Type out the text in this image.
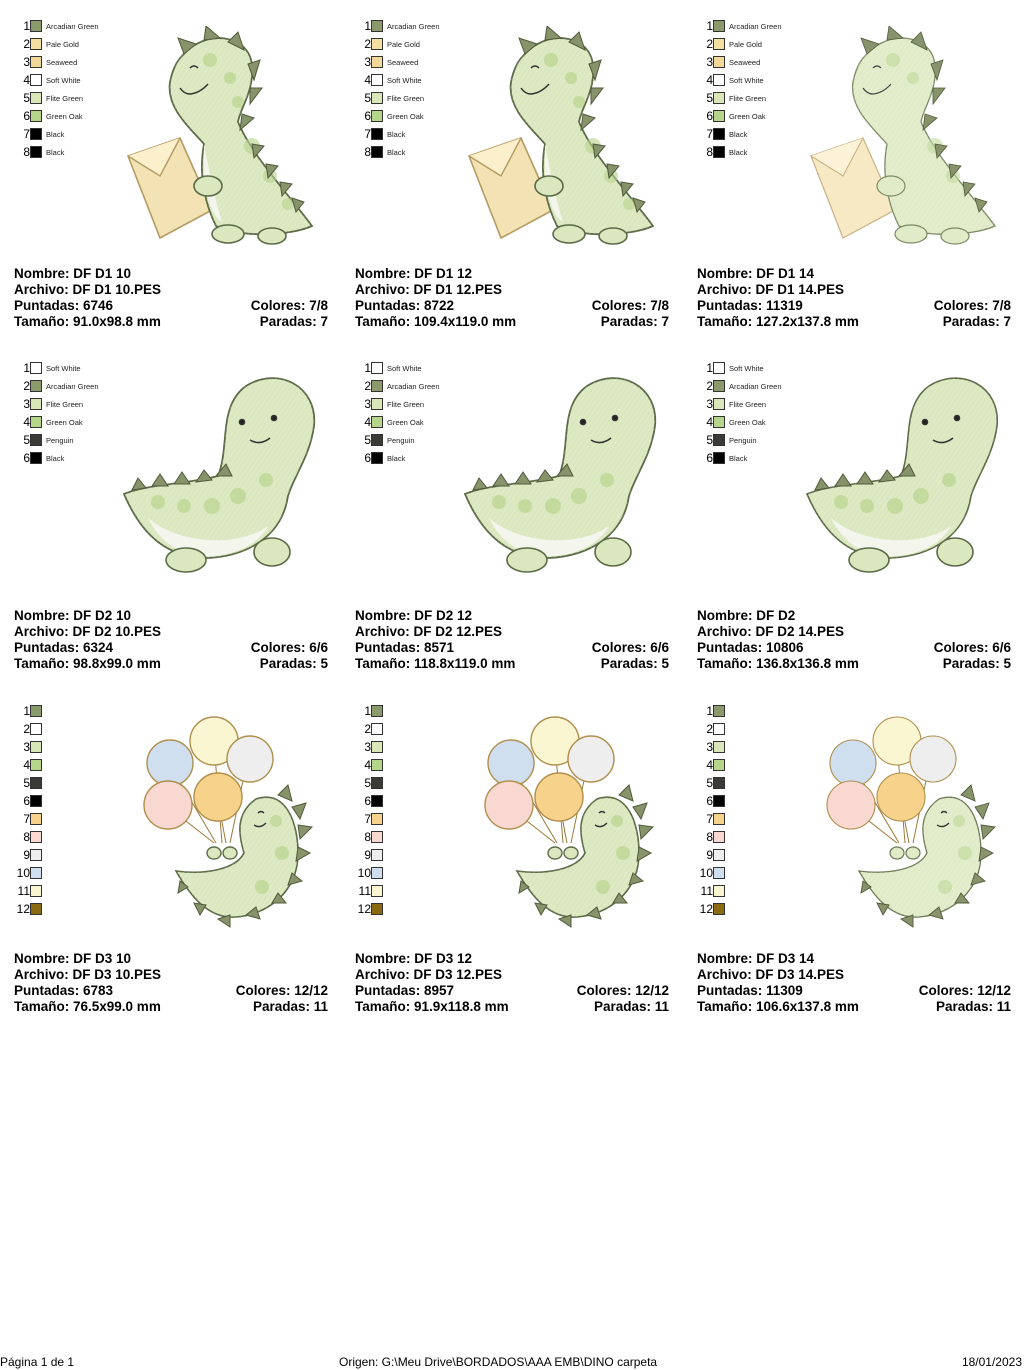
1 Arcadian Green
2 Pale Gold
3 Seaweed
4 Soft White
5 Flite Green
6 Green Oak
7 Black
8 Black
Nombre: DF D1 10
Archivo: DF D1 10.PES
Puntadas: 6746	Colores: 7/8
Tamaño: 91.0x98.8 mm	Paradas: 7
1 Arcadian Green
2 Pale Gold
3 Seaweed
4 Soft White
5 Flite Green
6 Green Oak
7 Black
8 Black
Nombre: DF D1 12
Archivo: DF D1 12.PES
Puntadas: 8722	Colores: 7/8
Tamaño: 109.4x119.0 mm	Paradas: 7
1 Arcadian Green
2 Pale Gold
3 Seaweed
4 Soft White
5 Flite Green
6 Green Oak
7 Black
8 Black
Nombre: DF D1 14
Archivo: DF D1 14.PES
Puntadas: 11319	Colores: 7/8
Tamaño: 127.2x137.8 mm	Paradas: 7
1 Soft White
2 Arcadian Green
3 Flite Green
4 Green Oak
5 Penguin
6 Black
Nombre: DF D2 10
Archivo: DF D2 10.PES
Puntadas: 6324	Colores: 6/6
Tamaño: 98.8x99.0 mm	Paradas: 5
1 Soft White
2 Arcadian Green
3 Flite Green
4 Green Oak
5 Penguin
6 Black
Nombre: DF D2 12
Archivo: DF D2 12.PES
Puntadas: 8571	Colores: 6/6
Tamaño: 118.8x119.0 mm	Paradas: 5
1 Soft White
2 Arcadian Green
3 Flite Green
4 Green Oak
5 Penguin
6 Black
Nombre: DF D2
Archivo: DF D2 14.PES
Puntadas: 10806	Colores: 6/6
Tamaño: 136.8x136.8 mm	Paradas: 5
1
2
3
4
5
6
7
8
9
10
11
12
Nombre: DF D3 10
Archivo: DF D3 10.PES
Puntadas: 6783	Colores: 12/12
Tamaño: 76.5x99.0 mm	Paradas: 11
1
2
3
4
5
6
7
8
9
10
11
12
Nombre: DF D3 12
Archivo: DF D3 12.PES
Puntadas: 8957	Colores: 12/12
Tamaño: 91.9x118.8 mm	Paradas: 11
1
2
3
4
5
6
7
8
9
10
11
12
Nombre: DF D3 14
Archivo: DF D3 14.PES
Puntadas: 11309	Colores: 12/12
Tamaño: 106.6x137.8 mm	Paradas: 11
Página 1 de 1	Origen: G:\Meu Drive\BORDADOS\AAA EMB\DINO carpeta	18/01/2023
